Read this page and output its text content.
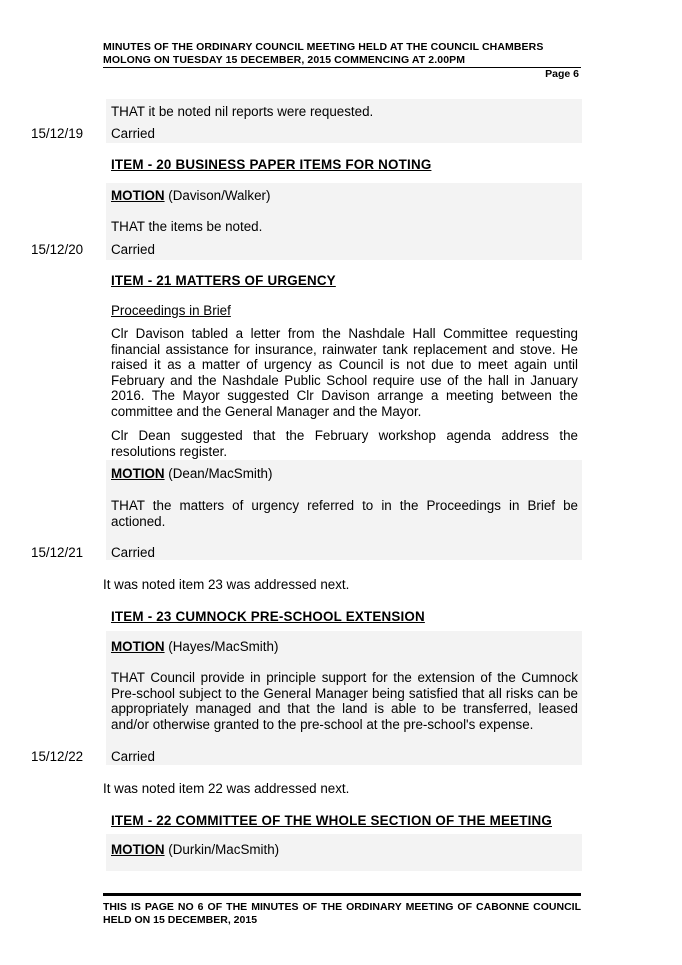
MINUTES OF THE ORDINARY COUNCIL MEETING HELD AT THE COUNCIL CHAMBERS
MOLONG ON TUESDAY 15 DECEMBER, 2015 COMMENCING AT 2.00PM
Page 6
THAT it be noted nil reports were requested.
15/12/19 Carried
ITEM - 20 BUSINESS PAPER ITEMS FOR NOTING
MOTION (Davison/Walker)
THAT the items be noted.
15/12/20 Carried
ITEM - 21 MATTERS OF URGENCY
Proceedings in Brief
Clr Davison tabled a letter from the Nashdale Hall Committee requesting financial assistance for insurance, rainwater tank replacement and stove. He raised it as a matter of urgency as Council is not due to meet again until February and the Nashdale Public School require use of the hall in January 2016. The Mayor suggested Clr Davison arrange a meeting between the committee and the General Manager and the Mayor.
Clr Dean suggested that the February workshop agenda address the resolutions register.
MOTION (Dean/MacSmith)
THAT the matters of urgency referred to in the Proceedings in Brief be actioned.
15/12/21 Carried
It was noted item 23 was addressed next.
ITEM - 23 CUMNOCK PRE-SCHOOL EXTENSION
MOTION (Hayes/MacSmith)
THAT Council provide in principle support for the extension of the Cumnock Pre-school subject to the General Manager being satisfied that all risks can be appropriately managed and that the land is able to be transferred, leased and/or otherwise granted to the pre-school at the pre-school's expense.
15/12/22 Carried
It was noted item 22 was addressed next.
ITEM - 22 COMMITTEE OF THE WHOLE SECTION OF THE MEETING
MOTION (Durkin/MacSmith)
THIS IS PAGE NO 6 OF THE MINUTES OF THE ORDINARY MEETING OF CABONNE COUNCIL HELD ON 15 DECEMBER, 2015
